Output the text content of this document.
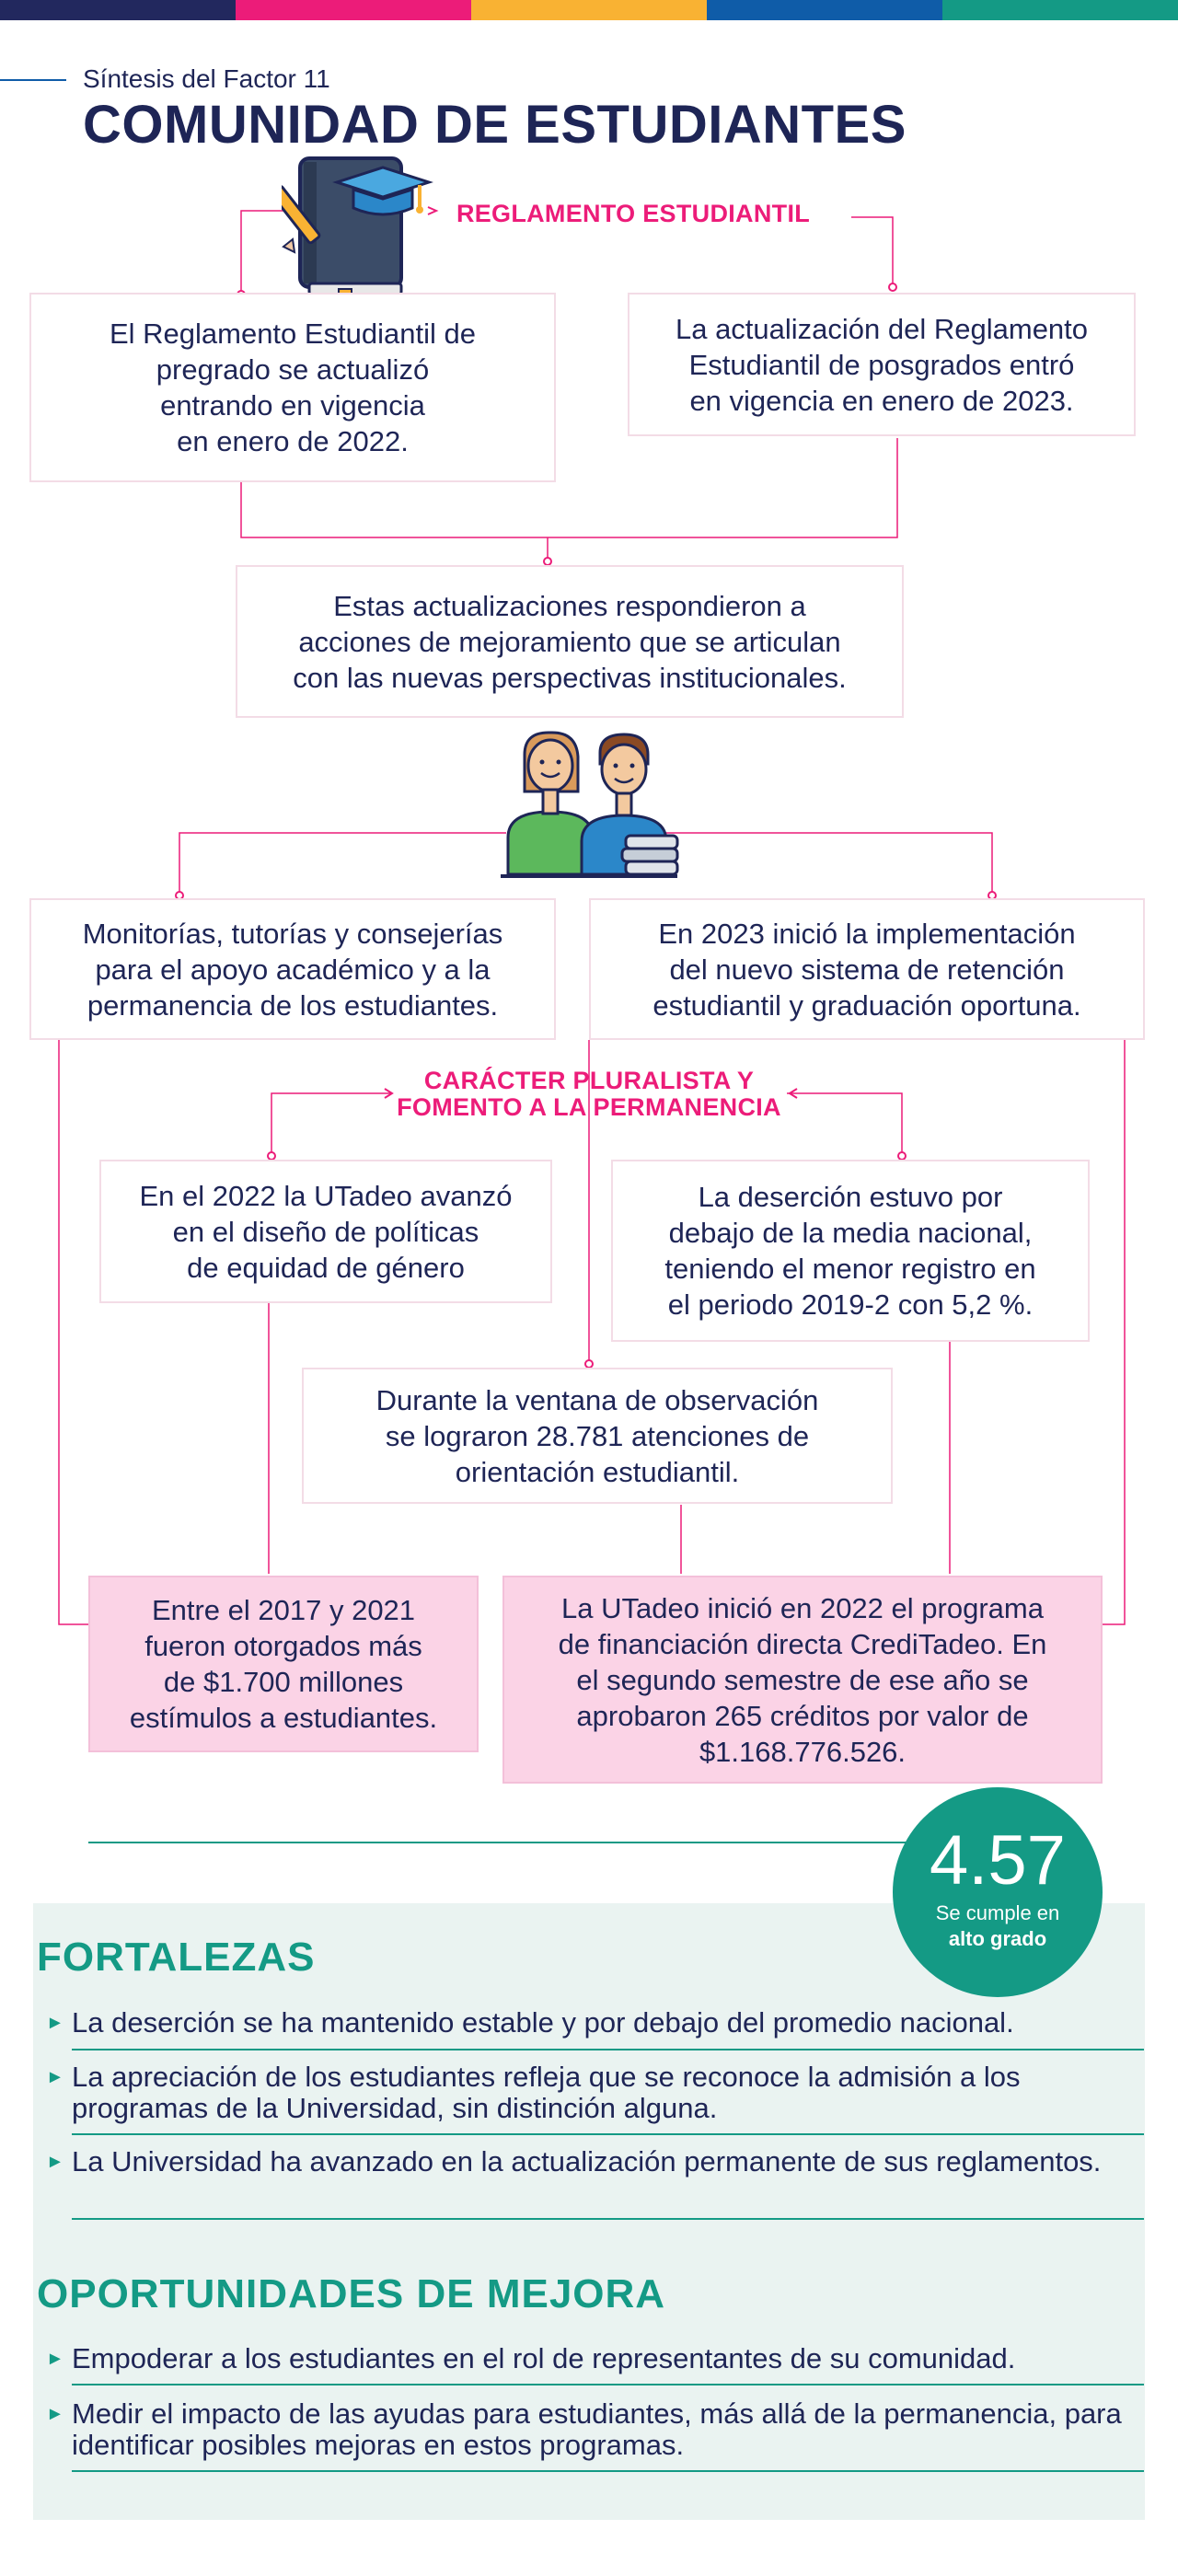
Síntesis del Factor 11
COMUNIDAD DE ESTUDIANTES
REGLAMENTO ESTUDIANTIL
El Reglamento Estudiantil de
pregrado se actualizó
entrando en vigencia
en enero de 2022.
La actualización del Reglamento
Estudiantil de posgrados entró
en vigencia en enero de 2023.
Estas actualizaciones respondieron a
acciones de mejoramiento que se articulan
con las nuevas perspectivas institucionales.
Monitorías, tutorías y consejerías
para el apoyo académico y a la
permanencia de los estudiantes.
En 2023 inició la implementación
del nuevo sistema de retención
estudiantil y graduación oportuna.
CARÁCTER PLURALISTA Y
FOMENTO A LA PERMANENCIA
En el 2022 la UTadeo avanzó
en el diseño de políticas
de equidad de género
La deserción estuvo por
debajo de la media nacional,
teniendo el menor registro en
el periodo 2019-2 con 5,2 %.
Durante la ventana de observación
se lograron 28.781 atenciones de
orientación estudiantil.
Entre el 2017 y 2021
fueron otorgados más
de $1.700 millones
estímulos a estudiantes.
La UTadeo inició en 2022 el programa
de financiación directa CrediTadeo. En
el segundo semestre de ese año se
aprobaron 265 créditos por valor de
$1.168.776.526.
4.57
Se cumple en
alto grado
FORTALEZAS
► La deserción se ha mantenido estable y por debajo del promedio nacional.
► La apreciación de los estudiantes refleja que se reconoce la admisión a los programas de la Universidad, sin distinción alguna.
► La Universidad ha avanzado en la actualización permanente de sus reglamentos.
OPORTUNIDADES DE MEJORA
► Empoderar a los estudiantes en el rol de representantes de su comunidad.
► Medir el impacto de las ayudas para estudiantes, más allá de la permanencia, para identificar posibles mejoras en estos programas.
